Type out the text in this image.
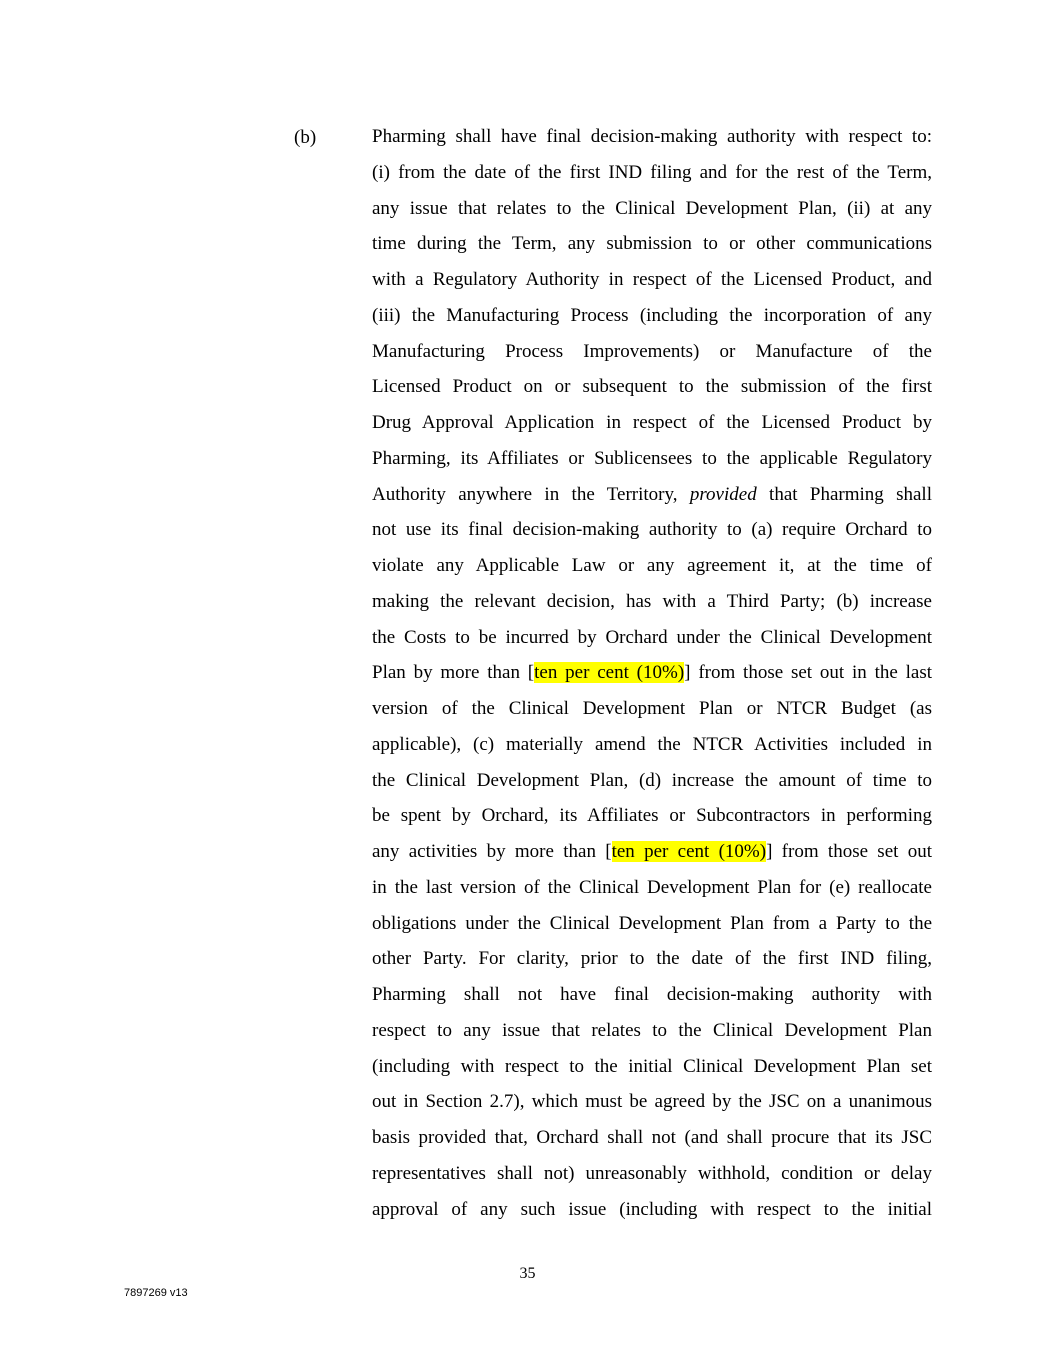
(b)	Pharming shall have final decision-making authority with respect to:
(i) from the date of the first IND filing and for the rest of the Term,
any issue that relates to the Clinical Development Plan, (ii) at any
time during the Term, any submission to or other communications
with a Regulatory Authority in respect of the Licensed Product, and
(iii) the Manufacturing Process (including the incorporation of any
Manufacturing Process Improvements) or Manufacture of the
Licensed Product on or subsequent to the submission of the first
Drug Approval Application in respect of the Licensed Product by
Pharming, its Affiliates or Sublicensees to the applicable Regulatory
Authority anywhere in the Territory, provided that Pharming shall
not use its final decision-making authority to (a) require Orchard to
violate any Applicable Law or any agreement it, at the time of
making the relevant decision, has with a Third Party; (b) increase
the Costs to be incurred by Orchard under the Clinical Development
Plan by more than [ten per cent (10%)] from those set out in the last
version of the Clinical Development Plan or NTCR Budget (as
applicable), (c) materially amend the NTCR Activities included in
the Clinical Development Plan, (d) increase the amount of time to
be spent by Orchard, its Affiliates or Subcontractors in performing
any activities by more than [ten per cent (10%)] from those set out
in the last version of the Clinical Development Plan for (e) reallocate
obligations under the Clinical Development Plan from a Party to the
other Party. For clarity, prior to the date of the first IND filing,
Pharming shall not have final decision-making authority with
respect to any issue that relates to the Clinical Development Plan
(including with respect to the initial Clinical Development Plan set
out in Section 2.7), which must be agreed by the JSC on a unanimous
basis provided that, Orchard shall not (and shall procure that its JSC
representatives shall not) unreasonably withhold, condition or delay
approval of any such issue (including with respect to the initial
35
7897269 v13
